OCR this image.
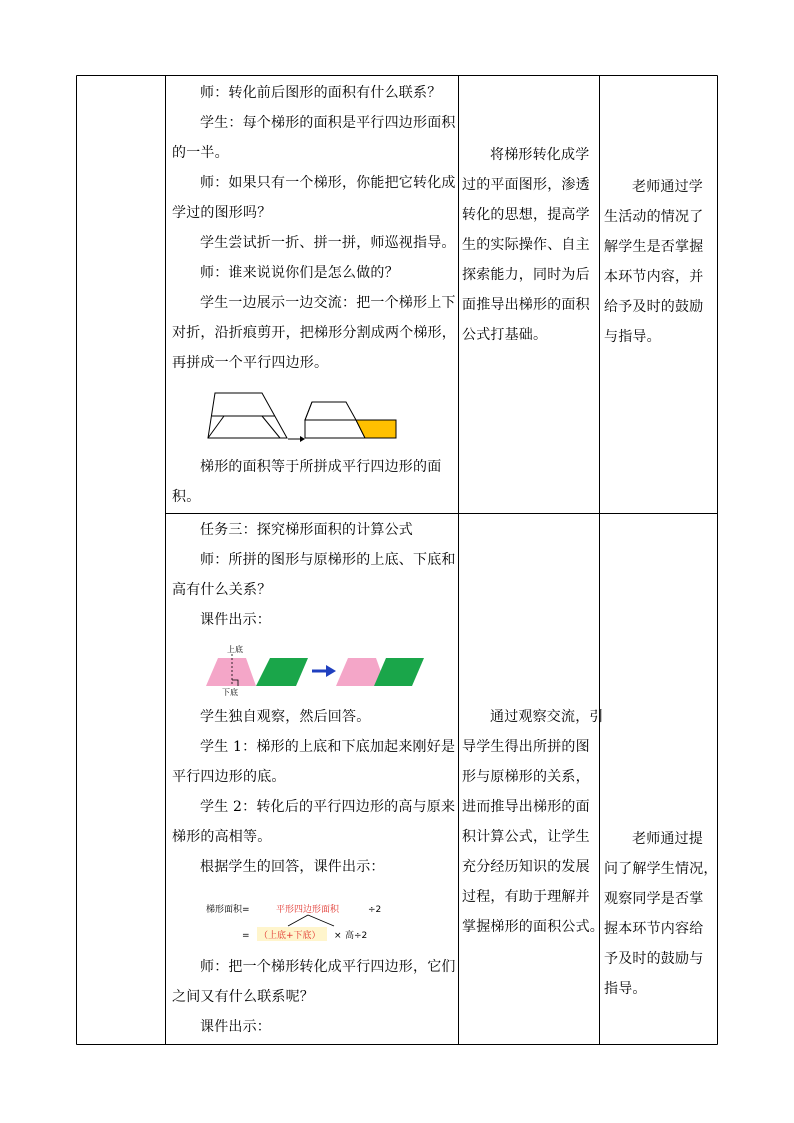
师：转化前后图形的面积有什么联系？

学生：每个梯形的面积是平行四边形面积

的一半。

师：如果只有一个梯形，你能把它转化成

学过的图形吗？

学生尝试折一折、拼一拼，师巡视指导。

师：谁来说说你们是怎么做的？

学生一边展示一边交流：把一个梯形上下

对折，沿折痕剪开，把梯形分割成两个梯形，

再拼成一个平行四边形。

梯形的面积等于所拼成平行四边形的面

积。

将梯形转化成学

过的平面图形，渗透

转化的思想，提高学

生的实际操作、自主

探索能力，同时为后

面推导出梯形的面积

公式打基础。

老师通过学

生活动的情况了

解学生是否掌握

本环节内容，并

给予及时的鼓励

与指导。

任务三：探究梯形面积的计算公式

师：所拼的图形与原梯形的上底、下底和

高有什么关系？

课件出示：

上底
下底

学生独自观察，然后回答。

学生 1：梯形的上底和下底加起来刚好是

平行四边形的底。

学生 2：转化后的平行四边形的高与原来

梯形的高相等。

根据学生的回答，课件出示：

梯形面积=	平形四边形面积	÷2
= （上底+下底） × 高÷2

师：把一个梯形转化成平行四边形，它们

之间又有什么联系呢？

课件出示：

通过观察交流，引

导学生得出所拼的图

形与原梯形的关系，

进而推导出梯形的面

积计算公式，让学生

充分经历知识的发展

过程，有助于理解并

掌握梯形的面积公式。

老师通过提

问了解学生情况，

观察同学是否掌

握本环节内容给

予及时的鼓励与

指导。
